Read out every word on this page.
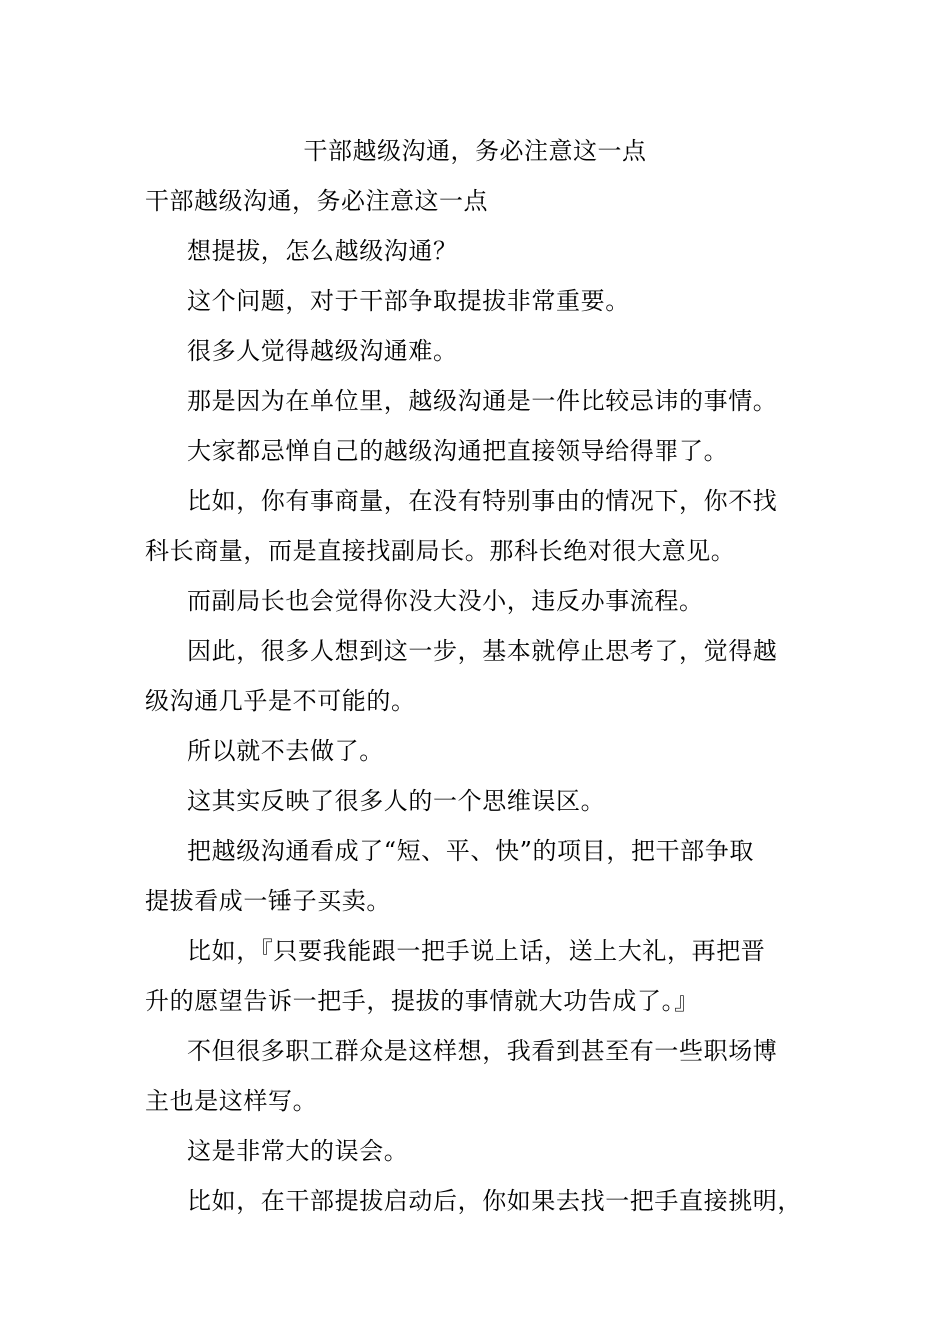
干部越级沟通，务必注意这一点
干部越级沟通，务必注意这一点
想提拔，怎么越级沟通？
这个问题，对于干部争取提拔非常重要。
很多人觉得越级沟通难。
那是因为在单位里，越级沟通是一件比较忌讳的事情。
大家都忌惮自己的越级沟通把直接领导给得罪了。
比如，你有事商量，在没有特别事由的情况下，你不找
科长商量，而是直接找副局长。那科长绝对很大意见。
而副局长也会觉得你没大没小，违反办事流程。
因此，很多人想到这一步，基本就停止思考了，觉得越
级沟通几乎是不可能的。
所以就不去做了。
这其实反映了很多人的一个思维误区。
把越级沟通看成了“短、平、快”的项目，把干部争取
提拔看成一锤子买卖。
比如，『只要我能跟一把手说上话，送上大礼，再把晋
升的愿望告诉一把手，提拔的事情就大功告成了。』
不但很多职工群众是这样想，我看到甚至有一些职场博
主也是这样写。
这是非常大的误会。
比如，在干部提拔启动后，你如果去找一把手直接挑明，
